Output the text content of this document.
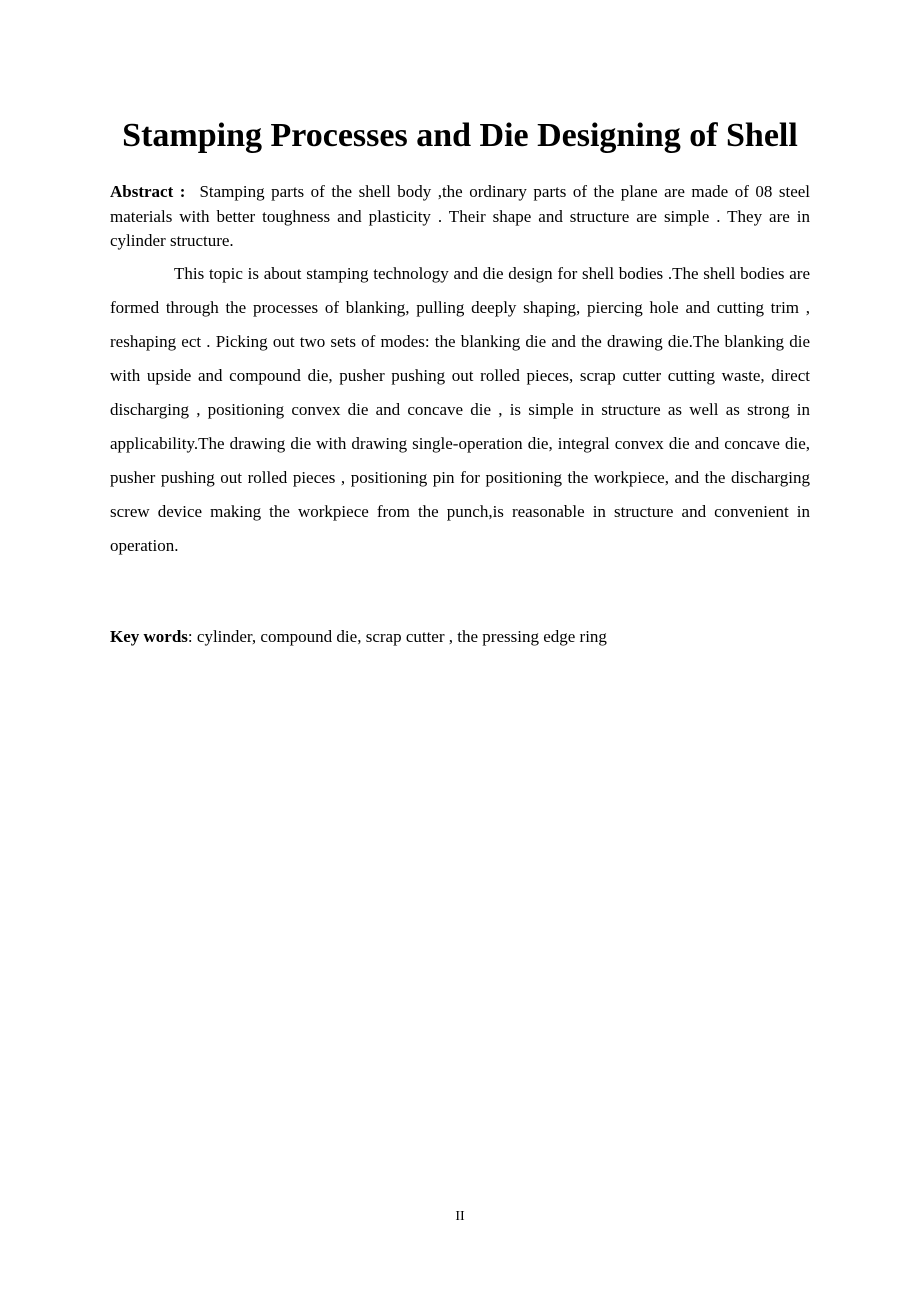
Stamping Processes and Die Designing of Shell

Abstract : Stamping parts of the shell body ,the ordinary parts of the plane are made of 08 steel materials with better toughness and plasticity . Their shape and structure are simple . They are in cylinder structure.

This topic is about stamping technology and die design for shell bodies .The shell bodies are formed through the processes of blanking, pulling deeply shaping, piercing hole and cutting trim , reshaping ect . Picking out two sets of modes: the blanking die and the drawing die.The blanking die with upside and compound die, pusher pushing out rolled pieces, scrap cutter cutting waste, direct discharging , positioning convex die and concave die , is simple in structure as well as strong in applicability.The drawing die with drawing single-operation die, integral convex die and concave die, pusher pushing out rolled pieces , positioning pin for positioning the workpiece, and the discharging screw device making the workpiece from the punch,is reasonable in structure and convenient in operation.

Key words: cylinder, compound die, scrap cutter , the pressing edge ring

II
